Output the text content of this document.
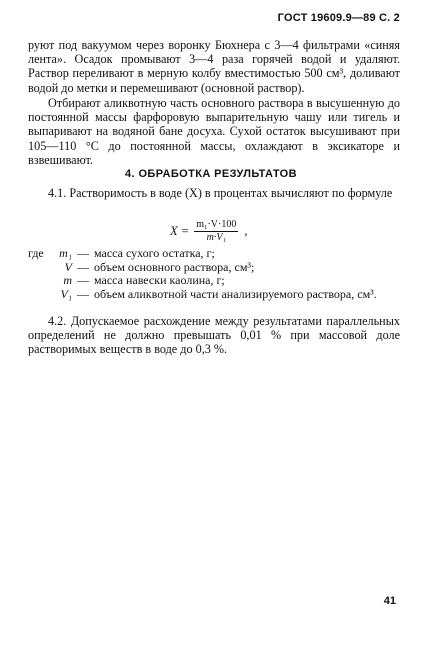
ГОСТ 19609.9—89 С. 2
руют под вакуумом через воронку Бюхнера с 3—4 фильтрами «синяя лента». Осадок промывают 3—4 раза горячей водой и удаляют. Раствор переливают в мерную колбу вместимостью 500 см³, доливают водой до метки и перемешивают (основной раствор).
Отбирают аликвотную часть основного раствора в высушенную до постоянной массы фарфоровую выпарительную чашу или тигель и выпаривают на водяной бане досуха. Сухой остаток высушивают при 105—110 °C до постоянной массы, охлаждают в эксикаторе и взвешивают.
4. ОБРАБОТКА РЕЗУЛЬТАТОВ
4.1. Растворимость в воде (X) в процентах вычисляют по формуле
$X = \frac{\text{m₁·V·100}}{\text{m·V₁}}$ ,
где	m₁ — масса сухого остатка, г;
V — объем основного раствора, см³;
m — масса навески каолина, г;
V₁ — объем аликвотной части анализируемого раствора, см³.
4.2. Допускаемое расхождение между результатами параллельных определений не должно превышать 0,01 % при массовой доле растворимых веществ в воде до 0,3 %.
41
